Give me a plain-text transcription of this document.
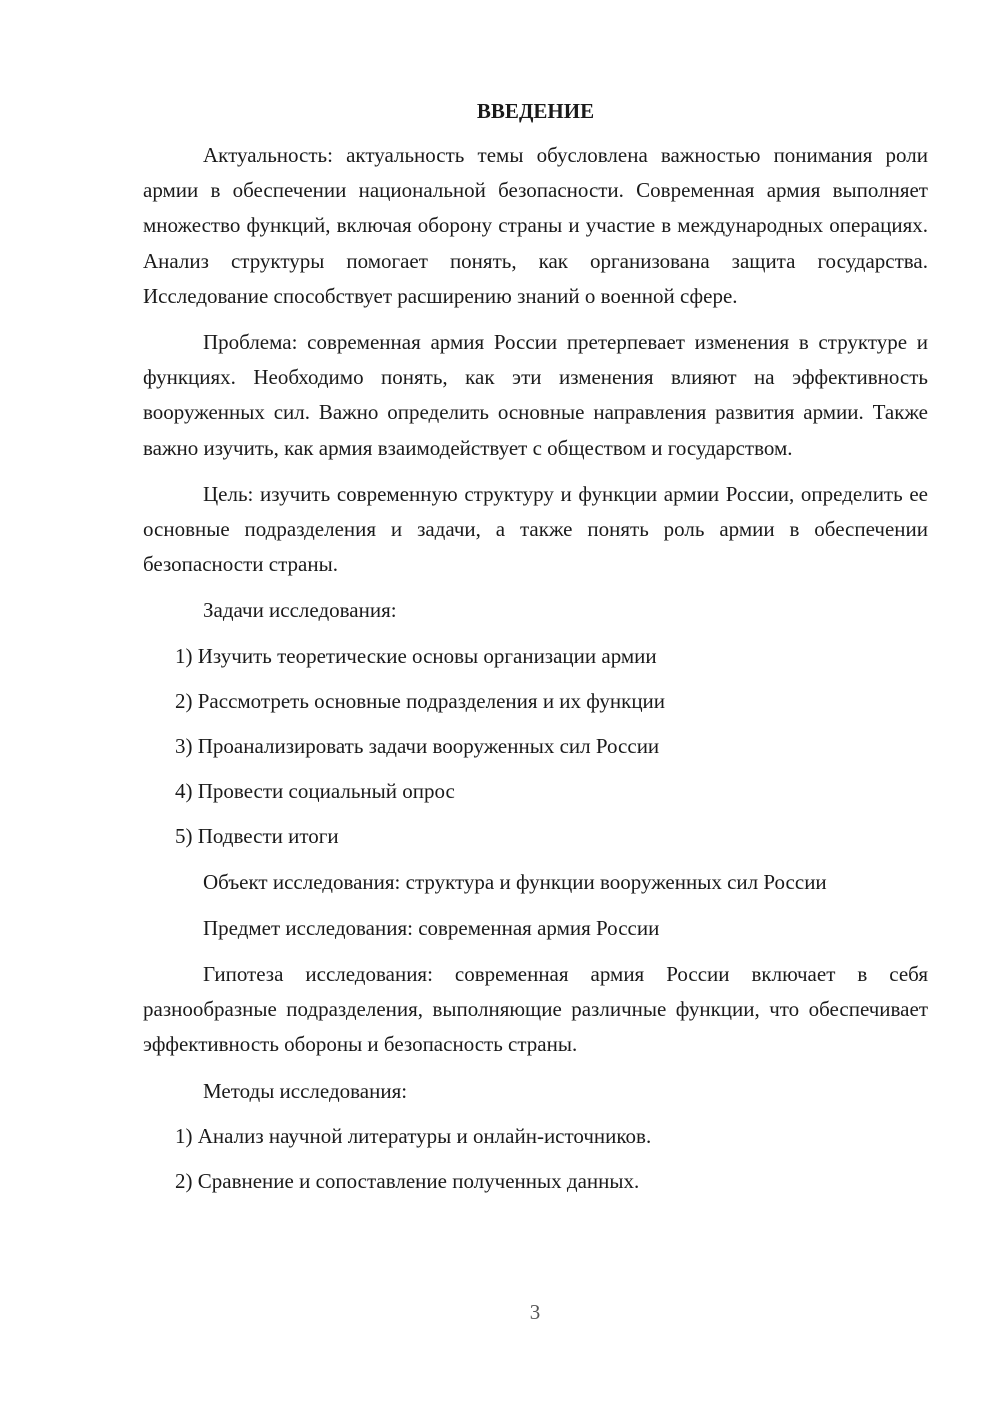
ВВЕДЕНИЕ

Актуальность: актуальность темы обусловлена важностью понимания роли армии в обеспечении национальной безопасности. Современная армия выполняет множество функций, включая оборону страны и участие в международных операциях. Анализ структуры помогает понять, как организована защита государства. Исследование способствует расширению знаний о военной сфере.

Проблема: современная армия России претерпевает изменения в структуре и функциях. Необходимо понять, как эти изменения влияют на эффективность вооруженных сил. Важно определить основные направления развития армии. Также важно изучить, как армия взаимодействует с обществом и государством.

Цель: изучить современную структуру и функции армии России, определить ее основные подразделения и задачи, а также понять роль армии в обеспечении безопасности страны.

Задачи исследования:

1) Изучить теоретические основы организации армии
2) Рассмотреть основные подразделения и их функции
3) Проанализировать задачи вооруженных сил России
4) Провести социальный опрос
5) Подвести итоги

Объект исследования: структура и функции вооруженных сил России

Предмет исследования: современная армия России

Гипотеза исследования: современная армия России включает в себя разнообразные подразделения, выполняющие различные функции, что обеспечивает эффективность обороны и безопасность страны.

Методы исследования:

1) Анализ научной литературы и онлайн-источников.
2) Сравнение и сопоставление полученных данных.
3
